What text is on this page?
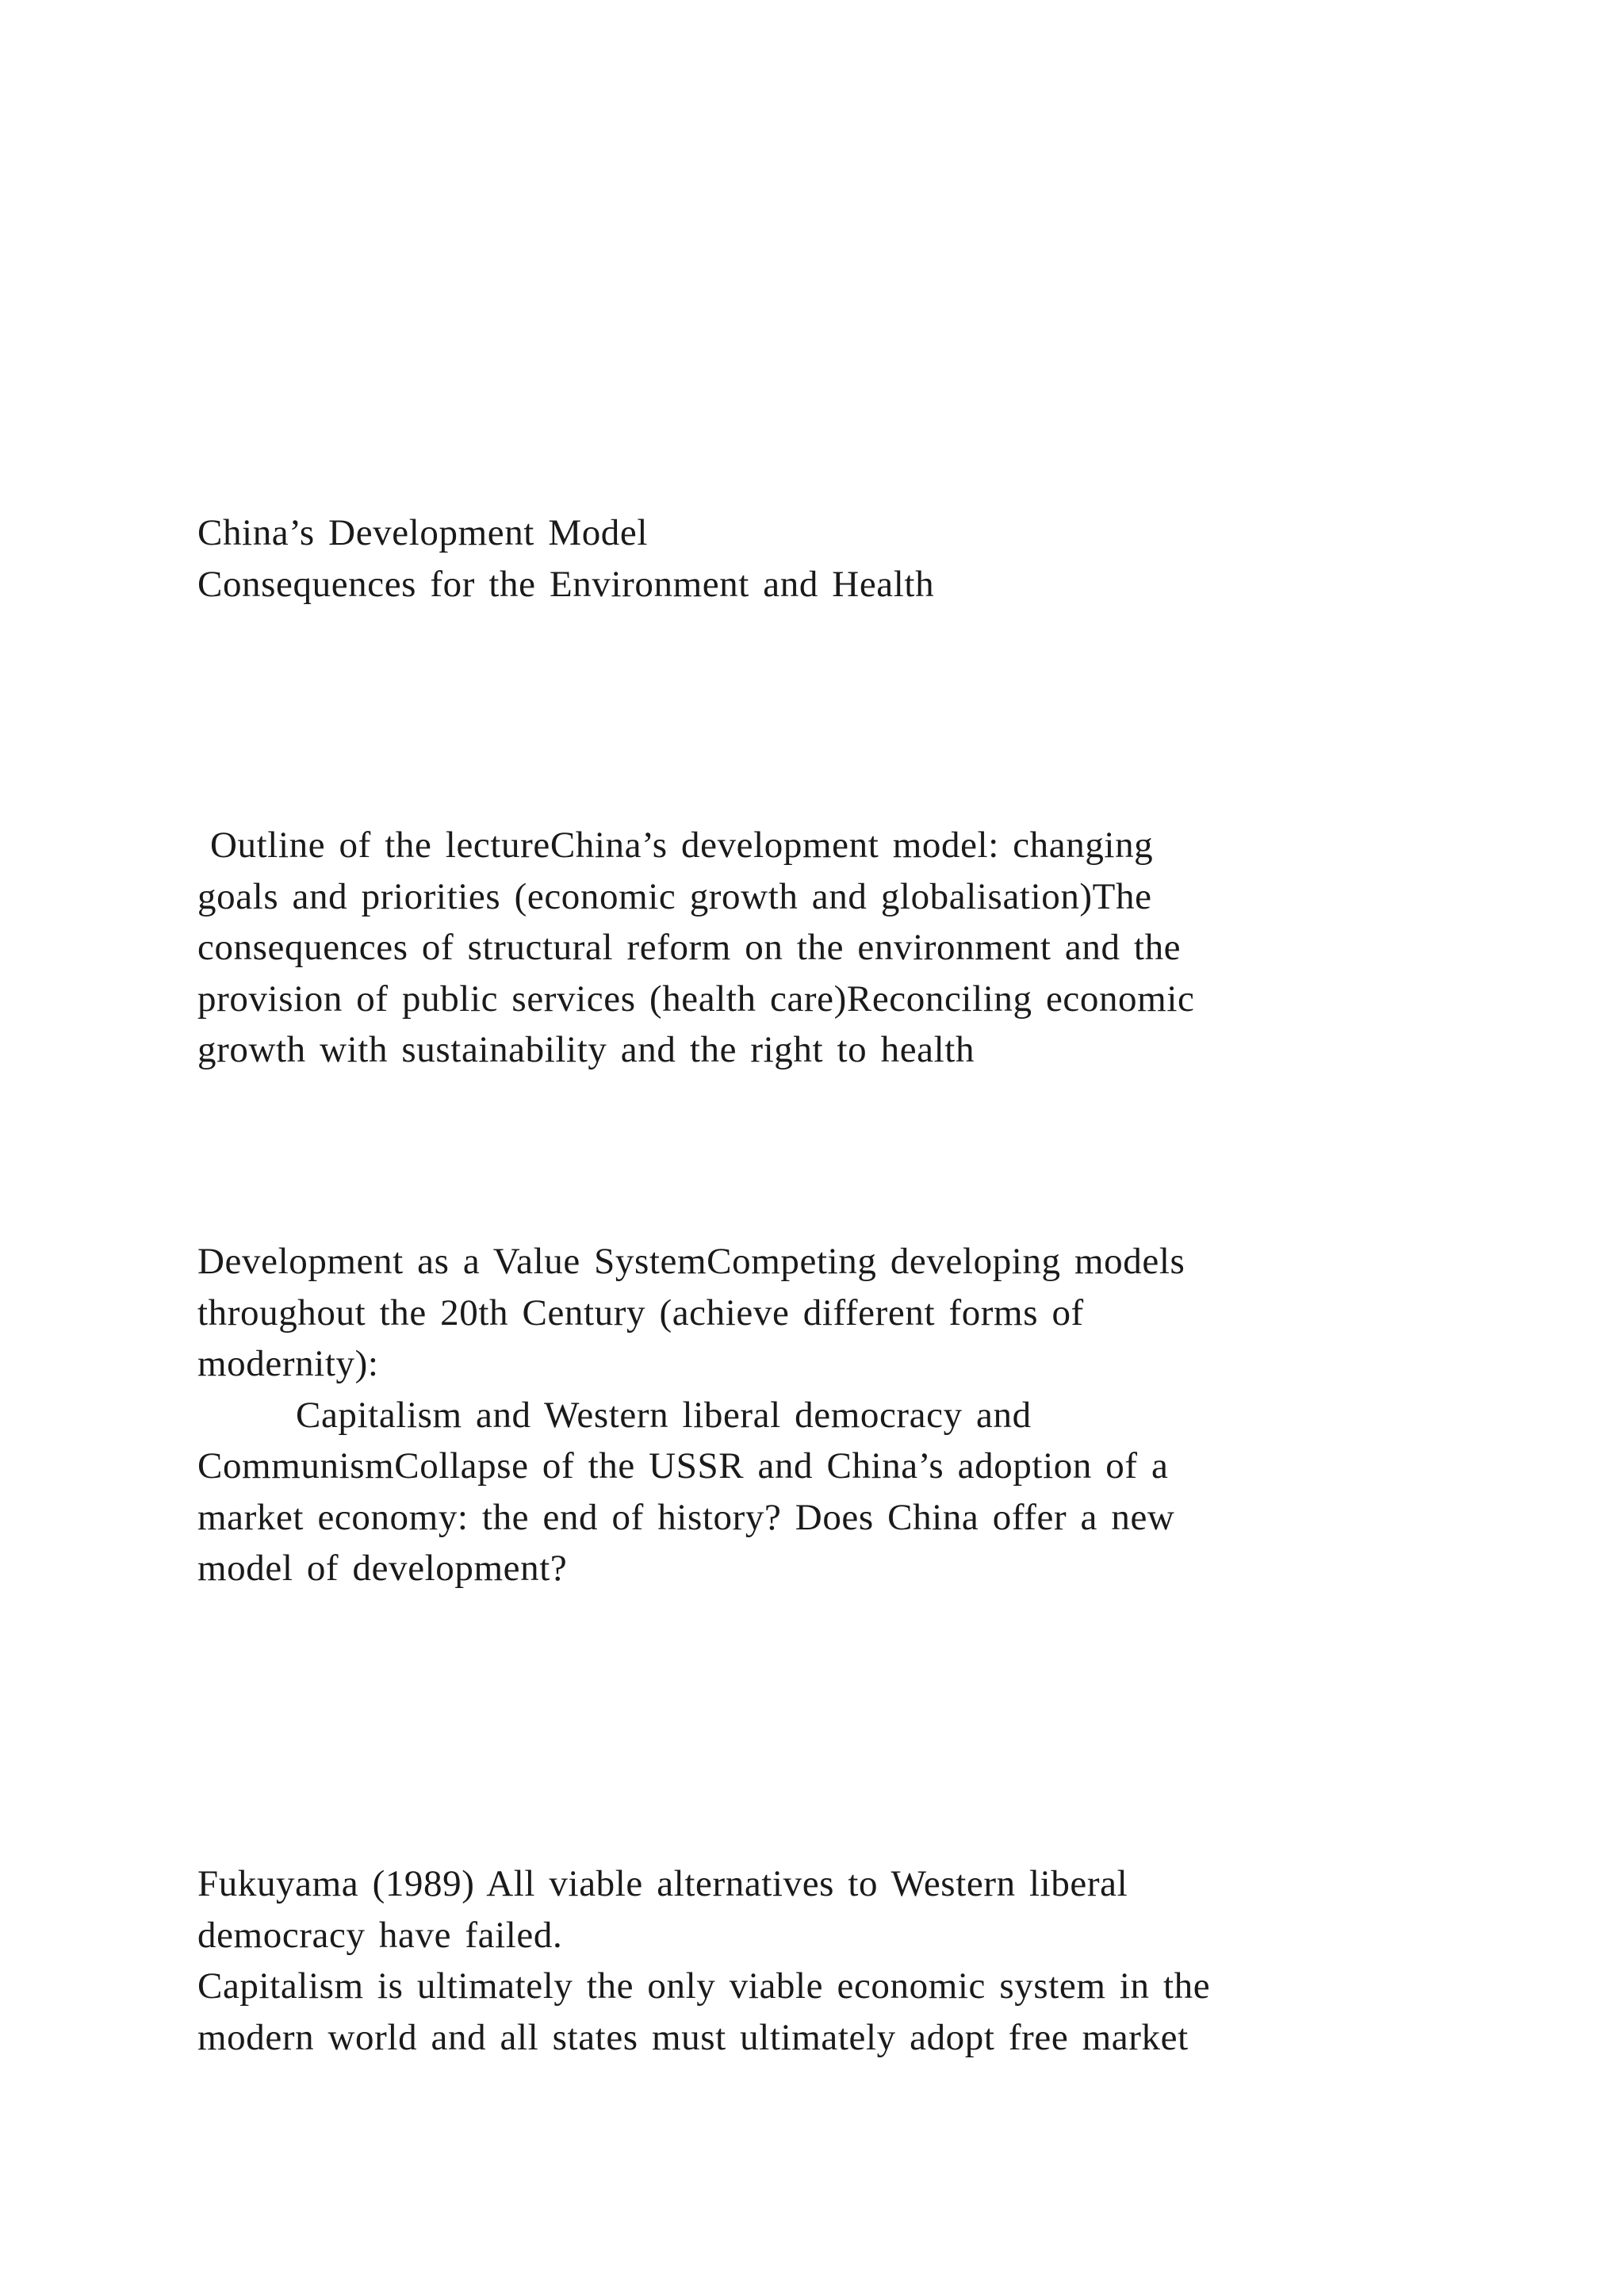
China’s Development Model
Consequences for the Environment and Health
Outline of the lectureChina’s development model: changing
goals and priorities (economic growth and globalisation)The
consequences of structural reform on the environment and the
provision of public services (health care)Reconciling economic
growth with sustainability and the right to health
Development as a Value SystemCompeting developing models
throughout the 20th Century (achieve different forms of
modernity):
Capitalism and Western liberal democracy and
CommunismCollapse of the USSR and China’s adoption of a
market economy: the end of history? Does China offer a new
model of development?
Fukuyama (1989) All viable alternatives to Western liberal
democracy have failed.
Capitalism is ultimately the only viable economic system in the
modern world and all states must ultimately adopt free market
